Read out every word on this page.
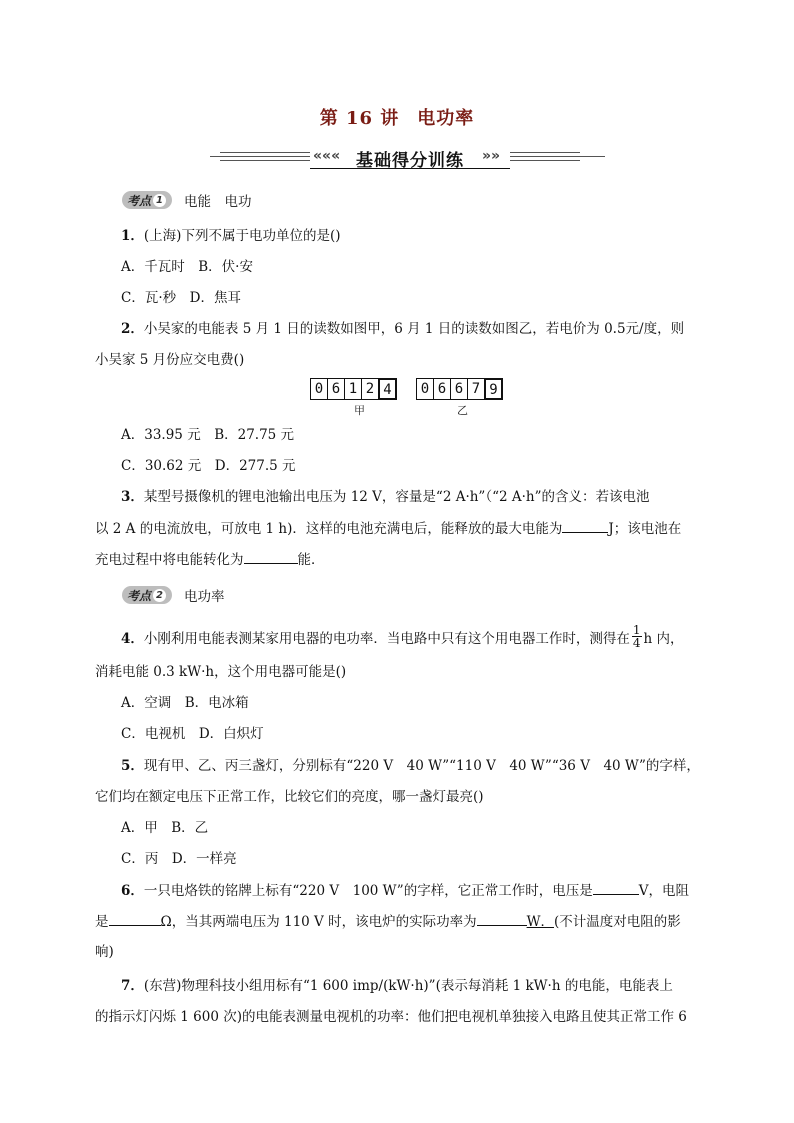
第 16 讲 电功率
««« 基础得分训练	»»
考点 1 电能　电功
1．(上海)下列不属于电功单位的是()
A．千瓦时　B．伏·安
C．瓦·秒　D．焦耳
2．小吴家的电能表 5 月 1 日的读数如图甲，6 月 1 日的读数如图乙，若电价为 0.5元/度，则
小吴家 5 月份应交电费()
0 6 1 2 4
甲
0 6 6 7 9
乙
A．33.95 元　B．27.75 元
C．30.62 元　D．277.5 元
3．某型号摄像机的锂电池输出电压为 12 V，容量是“2 A·h”（“2 A·h”的含义：若该电池
以 2 A 的电流放电，可放电 1 h)．这样的电池充满电后，能释放的最大电能为	J；该电池在
充电过程中将电能转化为	能．
考点 2 电功率
4．小刚利用电能表测某家用电器的电功率．当电路中只有这个用电器工作时，测得在 $\frac{1}{4}$ h 内，
消耗电能 0.3 kW·h，这个用电器可能是()
A．空调　B．电冰箱
C．电视机　D．白炽灯
5．现有甲、乙、丙三盏灯，分别标有“220 V　40 W”“110 V　40 W”“36 V　40 W”的字样，
它们均在额定电压下正常工作，比较它们的亮度，哪一盏灯最亮()
A．甲　B．乙
C．丙　D．一样亮
6．一只电烙铁的铭牌上标有“220 V　100 W”的字样，它正常工作时，电压是	V，电阻
是	Ω，当其两端电压为 110 V 时，该电炉的实际功率为	W．(不计温度对电阻的影
响)
7．(东营)物理科技小组用标有“1 600 imp/(kW·h)”(表示每消耗 1 kW·h 的电能，电能表上
的指示灯闪烁 1 600 次)的电能表测量电视机的功率：他们把电视机单独接入电路且使其正常工作 6
